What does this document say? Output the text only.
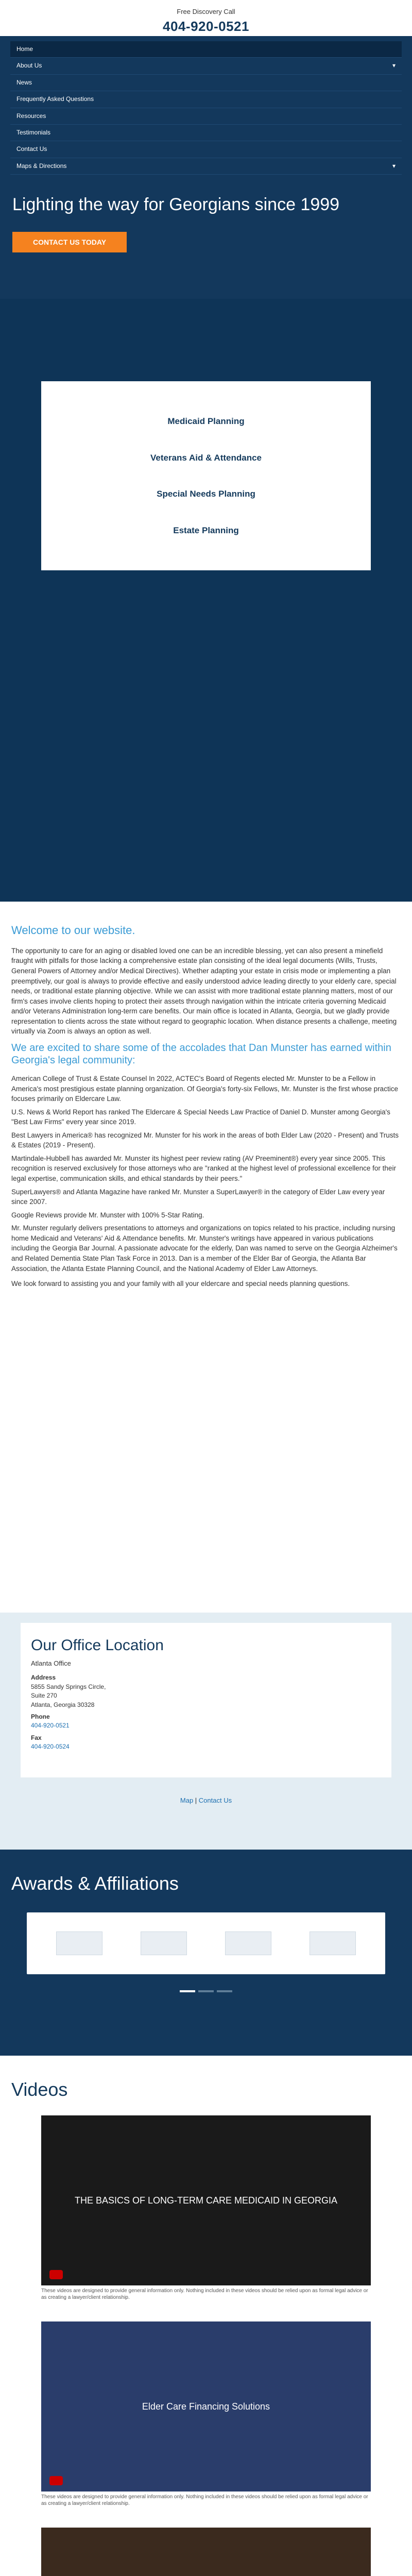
Free Discovery Call
404-920-0521
Home
About Us	▾
News
Frequently Asked Questions
Resources
Testimonials
Contact Us
Maps & Directions	▾
Lighting the way for Georgians since 1999
CONTACT US TODAY
Medicaid Planning
Veterans Aid & Attendance
Special Needs Planning
Estate Planning
Welcome to our website.

The opportunity to care for an aging or disabled loved one can be an incredible blessing, yet can also present a minefield fraught with pitfalls for those lacking a comprehensive estate plan consisting of the ideal legal documents (Wills, Trusts, General Powers of Attorney and/or Medical Directives). Whether adapting your estate in crisis mode or implementing a plan preemptively, our goal is always to provide effective and easily understood advice leading directly to your elderly care, special needs, or traditional estate planning objective. While we can assist with more traditional estate planning matters, most of our firm's cases involve clients hoping to protect their assets through navigation within the intricate criteria governing Medicaid and/or Veterans Administration long-term care benefits. Our main office is located in Atlanta, Georgia, but we gladly provide representation to clients across the state without regard to geographic location. When distance presents a challenge, meeting virtually via Zoom is always an option as well.

We are excited to share some of the accolades that Dan Munster has earned within Georgia's legal community:

American College of Trust & Estate Counsel In 2022, ACTEC's Board of Regents elected Mr. Munster to be a Fellow in America's most prestigious estate planning organization. Of Georgia's forty-six Fellows, Mr. Munster is the first whose practice focuses primarily on Eldercare Law.

U.S. News & World Report has ranked The Eldercare & Special Needs Law Practice of Daniel D. Munster among Georgia's "Best Law Firms" every year since 2019.

Best Lawyers in America® has recognized Mr. Munster for his work in the areas of both Elder Law (2020 - Present) and Trusts & Estates (2019 - Present).

Martindale-Hubbell has awarded Mr. Munster its highest peer review rating (AV Preeminent®) every year since 2005. This recognition is reserved exclusively for those attorneys who are "ranked at the highest level of professional excellence for their legal expertise, communication skills, and ethical standards by their peers."

SuperLawyers® and Atlanta Magazine have ranked Mr. Munster a SuperLawyer® in the category of Elder Law every year since 2007.

Google Reviews provide Mr. Munster with 100% 5-Star Rating.

Mr. Munster regularly delivers presentations to attorneys and organizations on topics related to his practice, including nursing home Medicaid and Veterans' Aid & Attendance benefits. Mr. Munster's writings have appeared in various publications including the Georgia Bar Journal. A passionate advocate for the elderly, Dan was named to serve on the Georgia Alzheimer's and Related Dementia State Plan Task Force in 2013. Dan is a member of the Elder Bar of Georgia, the Atlanta Bar Association, the Atlanta Estate Planning Council, and the National Academy of Elder Law Attorneys.

We look forward to assisting you and your family with all your eldercare and special needs planning questions.

Our Office Location
Atlanta Office
Address
5855 Sandy Springs Circle,
Suite 270
Atlanta, Georgia 30328
Phone
404-920-0521
Fax
404-920-0524
Map | Contact Us
Awards & Affiliations
Videos
THE BASICS OF LONG-TERM CARE MEDICAID IN GEORGIA
These videos are designed to provide general information only. Nothing included in these videos should be relied upon as formal legal advice or as creating a lawyer/client relationship.
Elder Care Financing Solutions
These videos are designed to provide general information only. Nothing included in these videos should be relied upon as formal legal advice or as creating a lawyer/client relationship.
